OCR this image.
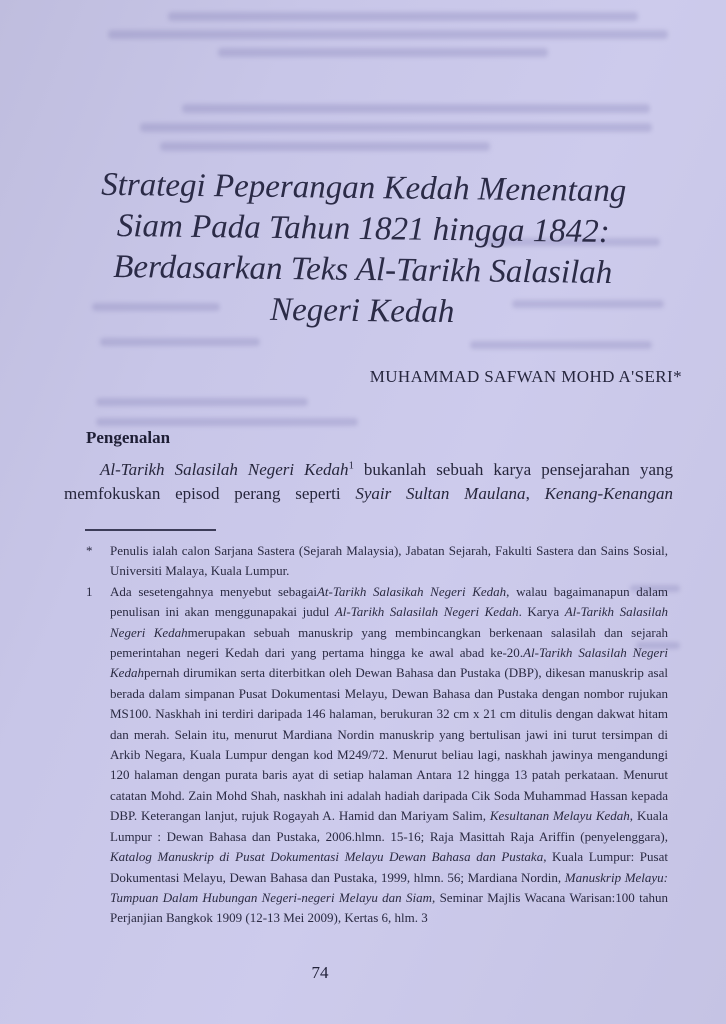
Strategi Peperangan Kedah Menentang
Siam Pada Tahun 1821 hingga 1842:
Berdasarkan Teks Al-Tarikh Salasilah
Negeri Kedah
MUHAMMAD SAFWAN MOHD A'SERI*
Pengenalan
Al-Tarikh Salasilah Negeri Kedah$^1$ bukanlah sebuah karya pensejarahan yang
memfokuskan episod perang seperti Syair Sultan Maulana, Kenang-Kenangan
*	Penulis ialah calon Sarjana Sastera (Sejarah Malaysia), Jabatan Sejarah, Fakulti Sastera dan Sains Sosial, Universiti Malaya, Kuala Lumpur.
1	Ada sesetengahnya menyebut sebagaiAt-Tarikh Salasikah Negeri Kedah, walau bagaimanapun dalam penulisan ini akan menggunapakai judul Al-Tarikh Salasilah Negeri Kedah. Karya Al-Tarikh Salasilah Negeri Kedahmerupakan sebuah manuskrip yang membincangkan berkenaan salasilah dan sejarah pemerintahan negeri Kedah dari yang pertama hingga ke awal abad ke-20.Al-Tarikh Salasilah Negeri Kedahpernah dirumikan serta diterbitkan oleh Dewan Bahasa dan Pustaka (DBP), dikesan manuskrip asal berada dalam simpanan Pusat Dokumentasi Melayu, Dewan Bahasa dan Pustaka dengan nombor rujukan MS100. Naskhah ini terdiri daripada 146 halaman, berukuran 32 cm x 21 cm ditulis dengan dakwat hitam dan merah. Selain itu, menurut Mardiana Nordin manuskrip yang bertulisan jawi ini turut tersimpan di Arkib Negara, Kuala Lumpur dengan kod M249/72. Menurut beliau lagi, naskhah jawinya mengandungi 120 halaman dengan purata baris ayat di setiap halaman Antara 12 hingga 13 patah perkataan. Menurut catatan Mohd. Zain Mohd Shah, naskhah ini adalah hadiah daripada Cik Soda Muhammad Hassan kepada DBP. Keterangan lanjut, rujuk Rogayah A. Hamid dan Mariyam Salim, Kesultanan Melayu Kedah, Kuala Lumpur : Dewan Bahasa dan Pustaka, 2006.hlmn. 15-16; Raja Masittah Raja Ariffin (penyelenggara), Katalog Manuskrip di Pusat Dokumentasi Melayu Dewan Bahasa dan Pustaka, Kuala Lumpur: Pusat Dokumentasi Melayu, Dewan Bahasa dan Pustaka, 1999, hlmn. 56; Mardiana Nordin, Manuskrip Melayu: Tumpuan Dalam Hubungan Negeri-negeri Melayu dan Siam, Seminar Majlis Wacana Warisan:100 tahun Perjanjian Bangkok 1909 (12-13 Mei 2009), Kertas 6, hlm. 3
74
